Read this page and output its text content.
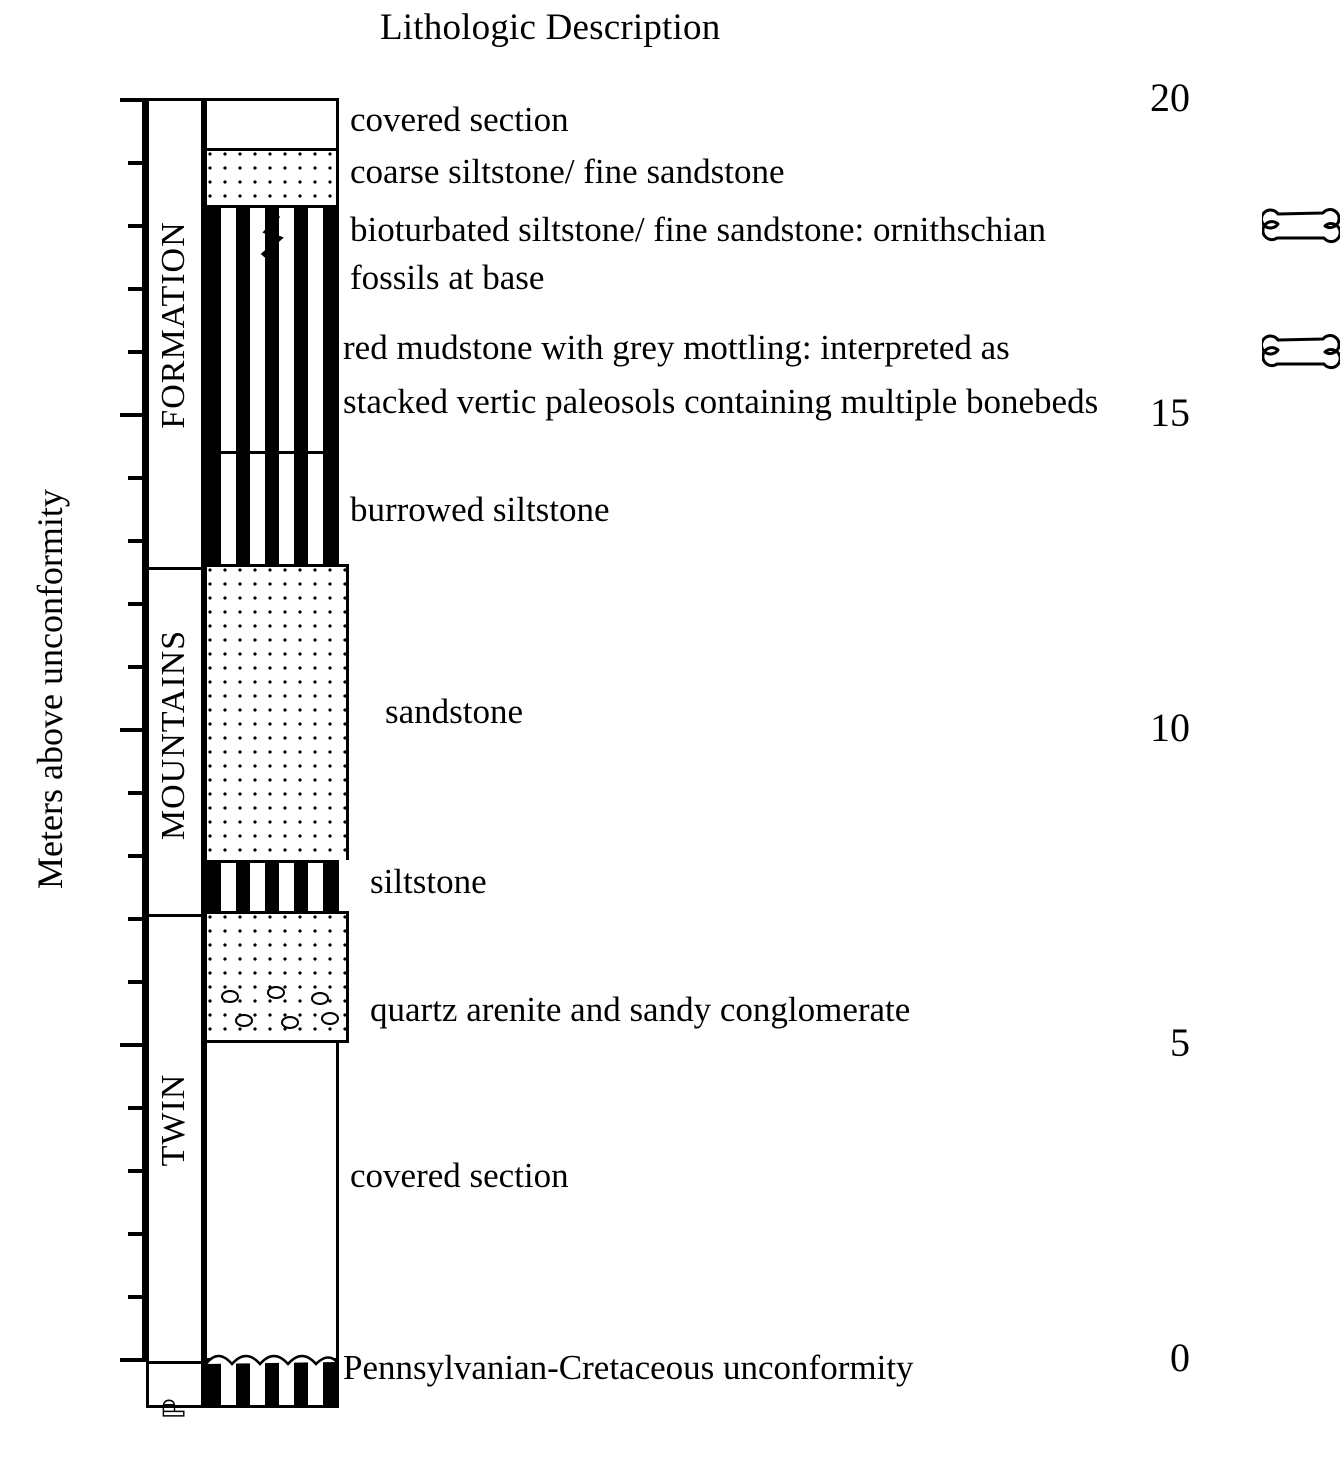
Lithologic Description
Meters above unconformity
20
15
10
5
0
FORMATION
MOUNTAINS
TWIN
ℙ
covered section
coarse siltstone/ fine sandstone
bioturbated siltstone/ fine sandstone: ornithschian
fossils at base
red mudstone with grey mottling: interpreted as
stacked vertic paleosols containing multiple bonebeds
burrowed siltstone
sandstone
siltstone
quartz arenite and sandy conglomerate
covered section
Pennsylvanian-Cretaceous unconformity
